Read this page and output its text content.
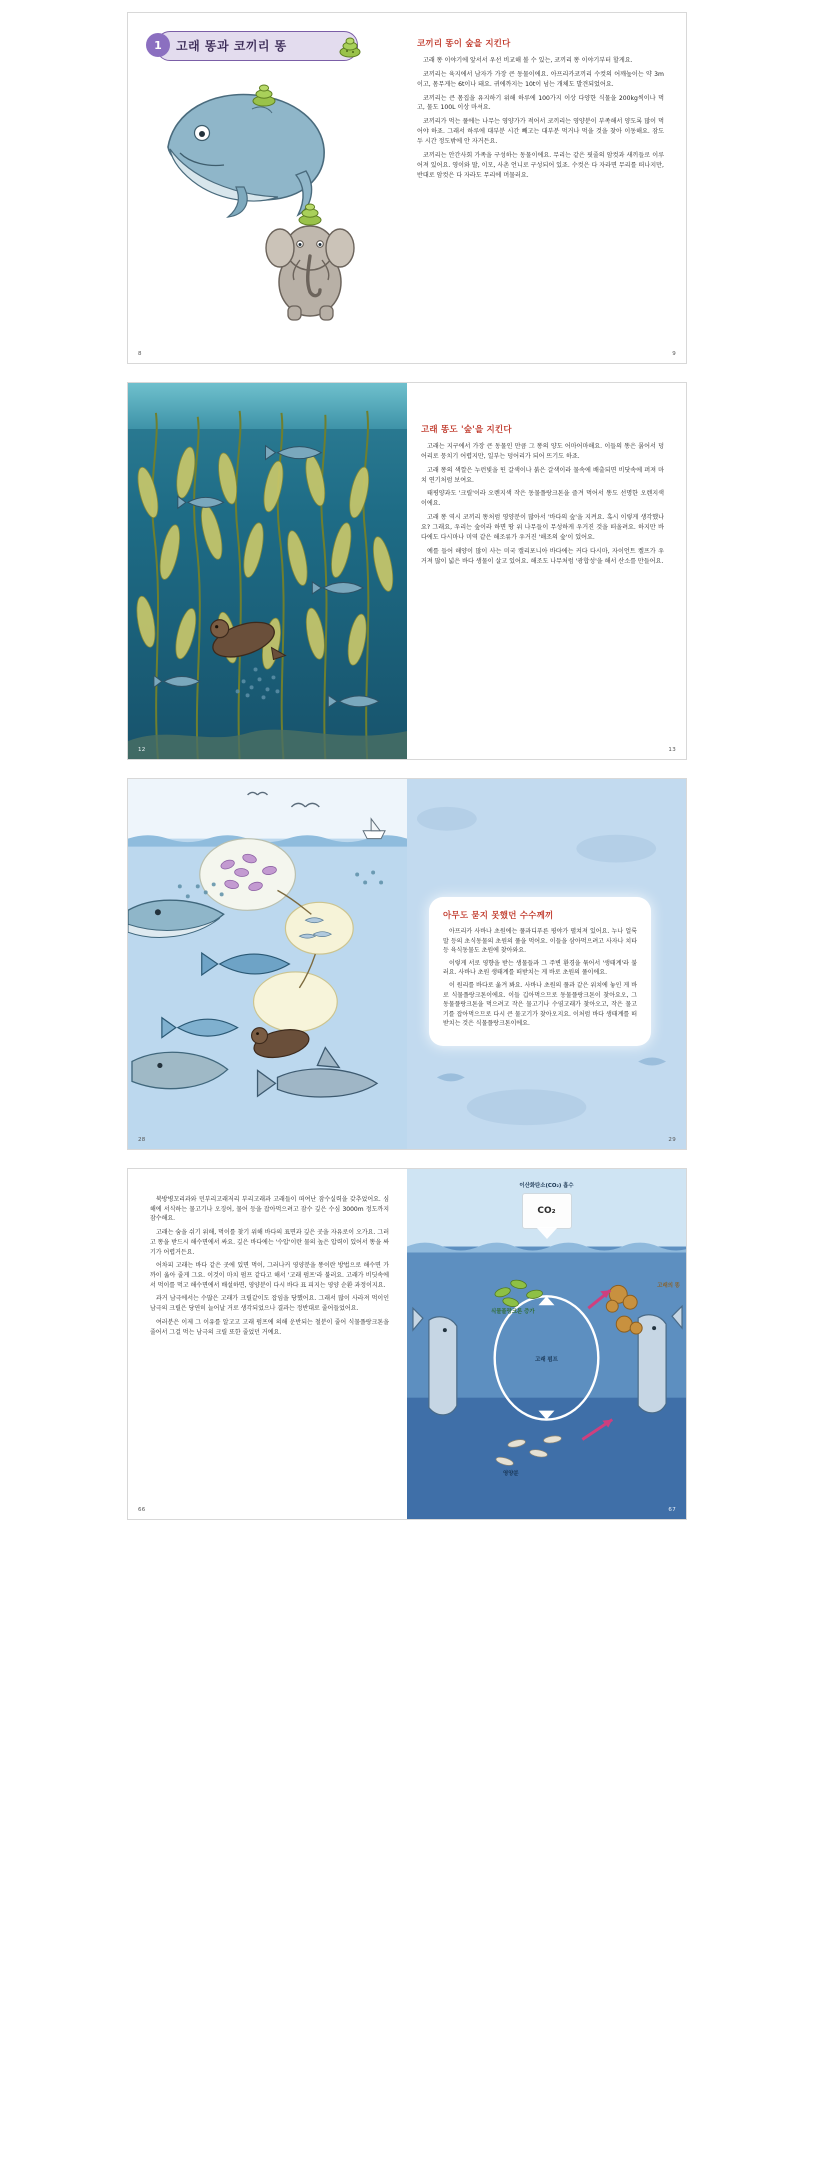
1	고래 똥과 코끼리 똥
8
코끼리 똥이 숲을 지킨다

고래 똥 이야기에 앞서서 우선 비교해 볼 수 있는, 코끼리 똥 이야기부터 할게요.

코끼리는 육지에서 남자가 가장 큰 동물이에요. 아프리카코끼리 수컷의 어깨높이는 약 3m이고, 몸무게는 6t이나 돼요. 귀에까지는 10t이 넘는 개체도 발견되었어요.

코끼리는 큰 몸집을 유지하기 위해 하루에 100가지 이상 다양한 식물을 200kg씩이나 먹고, 물도 100L 이상 마셔요.

코끼리가 먹는 풀에는 나무는 영양가가 적어서 코끼리는 영양분이 부족해서 양도록 많이 먹어야 하죠. 그래서 하루에 대부분 시간 빼고는 대부분 먹거나 먹을 것을 찾아 이동해요. 잠도 두 시간 정도밖에 안 자거든요.

코끼리는 안간사회 가족을 구성하는 동물이에요. 무리는 같은 핏줄의 암컷과 새끼들로 이루어져 있어요. 영이와 딸, 이모, 사촌 언니로 구성되어 있죠. 수컷은 다 자라면 무리를 떠나지만, 반대로 암컷은 다 자라도 무리에 머물러요.

9
12
고래 똥도 '숲'을 지킨다

고래는 지구에서 가장 큰 동물인 만큼 그 똥의 양도 어마어마해요. 이들의 똥은 묽어서 덩어리로 뭉치기 어렵지만, 일부는 덩어리가 되어 뜨기도 하죠.

고래 똥의 색깔은 누런빛을 띤 갈색이나 붉은 갈색이라 물속에 배출되면 비닷속에 퍼져 마치 연기처럼 보여요.

태평양과도 '크릴'이라 오렌지색 작은 동물플랑크톤을 즐겨 먹어서 똥도 선명한 오렌지색이에요.

고래 똥 역시 코끼리 똥처럼 영양분이 많아서 '바다의 숲'을 지켜요. 혹시 이렇게 생각했나요? 그래요, 우리는 숲이라 하면 땅 위 나무들이 무성하게 우거진 것을 떠올려요. 하지만 바다에도 다시마나 미역 같은 해조류가 우거진 '해조의 숲'이 있어요.

예를 들어 해양이 많이 사는 미국 캘리포니아 바다에는 커다 다시마, 자이언트 켈프가 우거져 많이 넓은 바다 생물이 살고 있어요. 해조도 나무처럼 '광합성'을 해서 산소를 만들어요.

13
28
아무도 묻지 못했던 수수께끼

아프리카 사바나 초원에는 풀과디푸른 평야가 펼쳐져 있어요. 누나 얼룩말 등의 초식동물의 초원의 풀을 먹어요. 이들을 삼아먹으려고 사자나 치타 등 육식동물도 초원에 찾아와요.

이렇게 서로 영향을 받는 생물들과 그 주변 환경을 묶어서 '생태계'라 불러요. 사바나 초원 생태계를 떠받치는 게 바로 초원의 풀이에요.

이 원리를 바다로 옮겨 봐요. 사바나 초원의 풀과 같은 위치에 놓인 게 바로 식물플랑크톤이에요. 이들 깁아먹으므로 동물플랑크톤이 찾아요오, 그 동물플랑크톤을 먹으려고 작은 물고기나 수염고래가 찾아오고, 작은 물고기를 잡아먹으므로 다시 큰 물고기가 찾아오지요. 이처럼 바다 생태계를 떠받치는 것은 식물플랑크톤이에요.

29

북방병꼬리과와 민부리고래저리 부리고래과 고래들이 떠여난 잠수실력을 갖추었어요. 심해에 서식하는 물고기나 오징어, 물어 등을 잡아먹으려고 잠수 깊은 수심 3000m 정도까지 잠수해요.

고래는 숨을 쉬기 위해, 먹이를 찾기 위해 바다의 표면과 깊은 곳을 자유로이 오가요. 그러고 똥을 받드시 해수면에서 싸요. 깊은 바다에는 '수압'이란 물의 높은 압력이 있어서 똥을 싸기가 어렵거든요.

어차피 고래는 바다 같은 곳에 있면 먹이, 그러나커 영양분을 똥이란 방법으로 해수면 가까이 옮아 줄게 그요. 이것이 마치 펌프 같다고 해서 '고래 펌프'라 불러요. 고래가 비딧속에서 먹이를 먹고 해수면에서 배설하면, 영양분이 다시 바다 표 피지는 영양 순환 과정이지요.

과거 남극에서는 수많은 고래가 크릴같이도 잡임을 당했어요. 그래서 많이 사라져 먹이인 남극의 크릴은 당연히 늘어날 거로 생각되었으나 결과는 정반대로 줄어들었어요.

여러분은 이제 그 이유를 알고고 고래 펌프에 의해 운반되는 철분이 줄어 식물플랑크톤을 줄어서 그걸 먹는 남극의 크릴 또한 줄었던 거예요.

66
CO₂
이산화탄소(CO₂) 흡수
식물플랑크톤 증가
고래의 똥
고래 펌프
영양분
67
